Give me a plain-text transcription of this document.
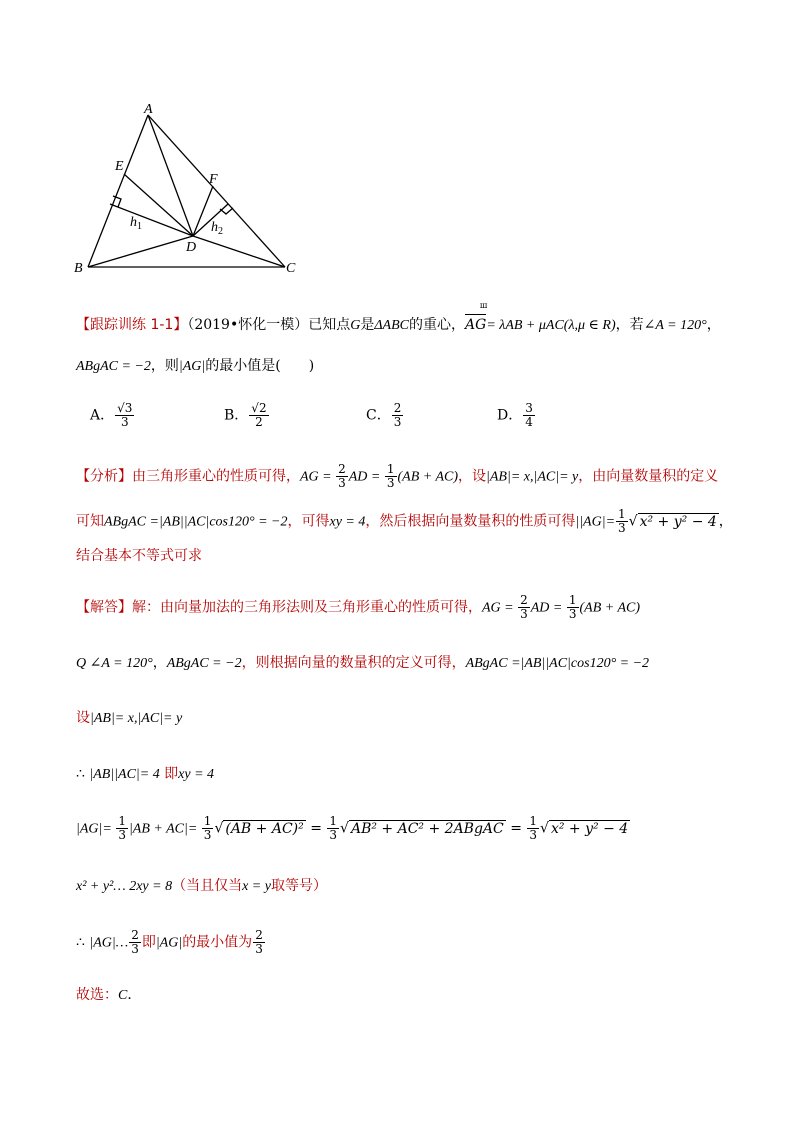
A
B	C
D
E
F
$h_1$	$h_2$
【跟踪训练 1-1】（2019•怀化一模）已知点G是ΔABC的重心，AG ш= λAB + μAC(λ,μ ∈ R)，若∠A = 120°，
ABgAC = −2，则|AG|的最小值是(　　)
A． $\frac{√3}{3}$	B． $\frac{√2}{2}$	C． $\frac{2}{3}$	D． $\frac{3}{4}$
【分析】由三角形重心的性质可得，AG = $\frac{2}{3}$ AD = $\frac{1}{3} (AB + AC)$，设|AB|= x,|AC|= y，由向量数量积的定义
可知ABgAC =|AB||AC|cos120° = −2，可得xy = 4，然后根据向量数量积的性质可得$||AG|= \frac{1}{3}$ √ x² + y² − 4 ，
结合基本不等式可求
【解答】解：由向量加法的三角形法则及三角形重心的性质可得，AG = $\frac{2}{3}$ AD = $\frac{1}{3} (AB + AC)$
Q ∠A = 120°，ABgAC = −2，则根据向量的数量积的定义可得，ABgAC =|AB||AC|cos120° = −2
设|AB|= x,|AC|= y
∴ |AB||AC|= 4 即xy = 4
$|AG|= \frac{1}{3} |AB + AC|= \frac{1}{3}$ √ $(AB + AC)^2 = \frac{1}{3}$ √ AB² + AC² + 2ABgAC = $\frac{1}{3}$ √ x² + y² − 4
x² + y²… 2xy = 8（当且仅当x = y取等号）
∴ |AG|… $\frac{2}{3}$ 即|AG|的最小值为 $\frac{2}{3}$
故选：C．
